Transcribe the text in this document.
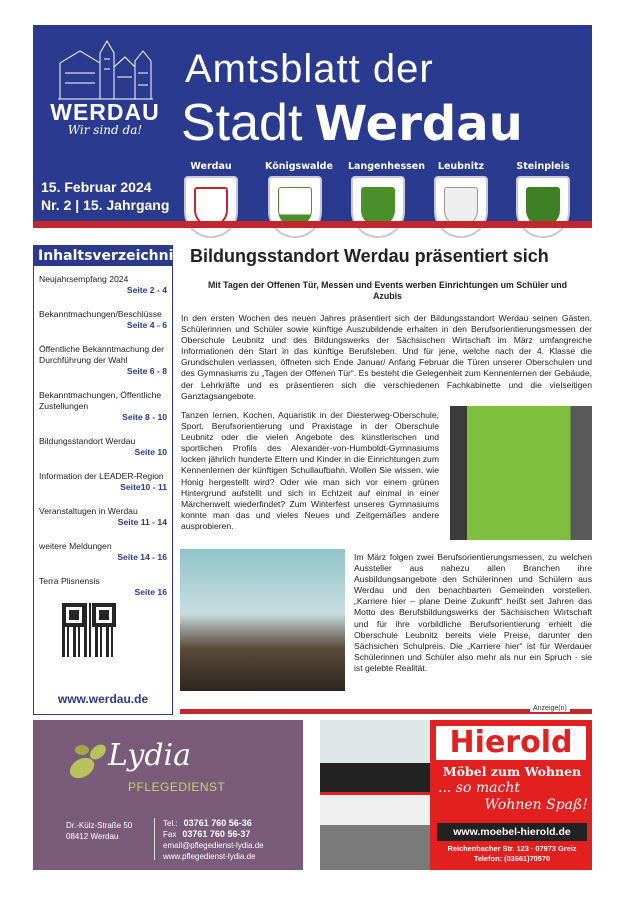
WERDAU
Wir sind da!
Amtsblatt der
Stadt Werdau
15. Februar 2024
Nr. 2 | 15. Jahrgang
Werdau	Königswalde Langenhessen	Leubnitz	Steinpleis
Inhaltsverzeichnis
Neujahrsempfang 2024
Seite 2 - 4
Bekanntmachungen/Beschlüsse
Seite 4 - 6
Öffentliche Bekanntmachung der Durchführung der Wahl
Seite 6 - 8
Bekanntmachungen, Öffentliche Zustellungen
Seite 8 - 10
Bildungsstandort Werdau
Seite 10
Information der LEADER-Region
Seite10 - 11
Veranstaltugen in Werdau
Seite 11 - 14
weitere Meldungen
Seite 14 - 16
Terra Plisnensis
Seite 16
www.werdau.de
Bildungsstandort Werdau präsentiert sich
Mit Tagen der Offenen Tür, Messen und Events werben Einrichtungen um Schüler und Azubis
In den ersten Wochen des neuen Jahres präsentiert sich der Bildungsstandort Werdau seinen Gästen. Schülerinnen und Schüler sowie künftige Auszubildende erhalten in den Berufsorientierungsmessen der Oberschule Leubnitz und des Bildungswerks der Sächsischen Wirtschaft im März umfangreiche Informationen den Start in das künftige Berufsleben. Und für jene, welche nach der 4. Klasse die Grundschulen verlassen, öffneten sich Ende Januar/ Anfang Februar die Türen unserer Oberschulen und des Gymnasiums zu „Tagen der Offenen Tür“. Es besteht die Gelegenheit zum Kennenlernen der Gebäude, der Lehrkräfte und es präsentieren sich die verschiedenen Fachkabinette und die vielseitigen Ganztagsangebote.
Tanzen lernen, Kochen, Aquaristik in der Diesterweg-Oberschule, Sport, Berufsorientierung und Praxistage in der Oberschule Leubnitz oder die vielen Angebote des künstlerischen und sportlichen Profils des Alexander-von-Humboldt-Gymnasiums locken jährlich hunderte Eltern und Kinder in die Einrichtungen zum Kennenlernen der künftigen Schullaufbahn. Wollen Sie wissen, wie Honig hergestellt wird? Oder wie man sich vor einem grünen Hintergrund aufstellt und sich in Echtzeit auf einmal in einer Märchenwelt wiederfindet? Zum Winterfest unseres Gymnasiums konnte man das und vieles Neues und Zeitgemäßes andere ausprobieren.
Im März folgen zwei Berufsorientierungsmessen, zu welchen Aussteller aus nahezu allen Branchen ihre Ausbildungsangebote den Schülerinnen und Schülern aus Werdau und den benachbarten Gemeinden vorstellen. „Karriere hier – plane Deine Zukunft“ heißt seit Jahren das Motto des Berufsbildungswerks der Sächsischen Wirtschaft und für ihre vorbildliche Berufsorientierung erhielt die Oberschule Leubnitz bereits viele Preise, darunter den Sächsichen Schulpreis. Die „Karriere hier“ ist für Werdauer Schülerinnen und Schüler also mehr als nur ein Spruch - sie ist gelebte Realität.
Anzeige(n)
Lydia
PFLEGEDIENST
Dr.-Külz-Straße 50
08412 Werdau
Tel.: 03761 760 56-36
Fax 03761 760 56-37
email@pflegedienst-lydia.de
www.pflegedienst-lydia.de
Hierold
Möbel zum Wohnen
... so macht
Wohnen Spaß!
www.moebel-hierold.de
Reichenbacher Str. 123 · 07973 Greiz
Telefon: (03661)70570
